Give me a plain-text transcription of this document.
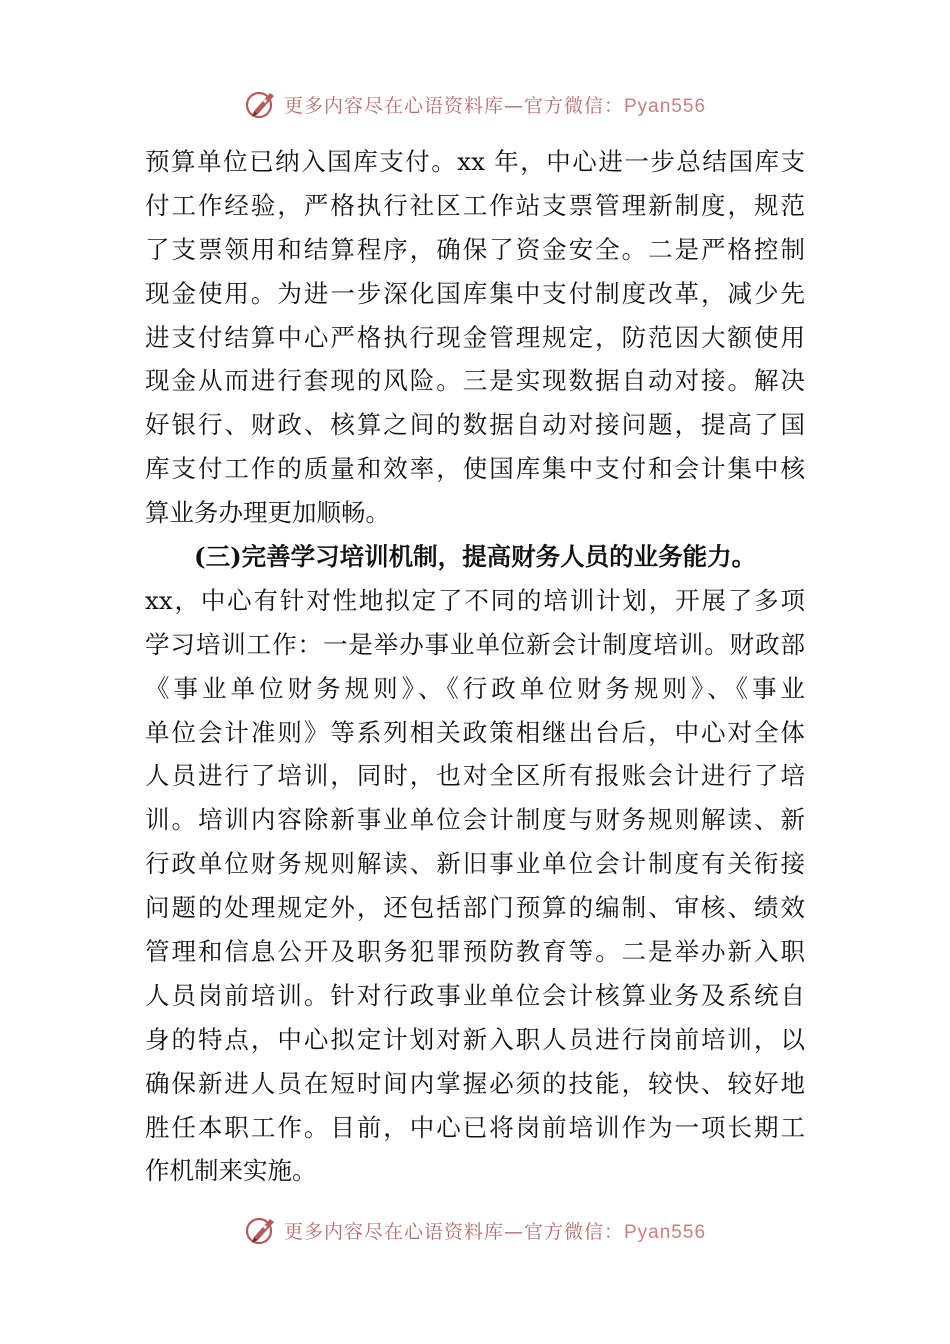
更多内容尽在心语资料库—官方微信：Pyan556
预算单位已纳入国库支付。xx 年，中心进一步总结国库支
付工作经验，严格执行社区工作站支票管理新制度，规范
了支票领用和结算程序，确保了资金安全。二是严格控制
现金使用。为进一步深化国库集中支付制度改革，减少先
进支付结算中心严格执行现金管理规定，防范因大额使用
现金从而进行套现的风险。三是实现数据自动对接。解决
好银行、财政、核算之间的数据自动对接问题，提高了国
库支付工作的质量和效率，使国库集中支付和会计集中核
算业务办理更加顺畅。
(三)完善学习培训机制，提高财务人员的业务能力。
xx，中心有针对性地拟定了不同的培训计划，开展了多项
学习培训工作：一是举办事业单位新会计制度培训。财政部
《事业单位财务规则》、《行政单位财务规则》、《事业
单位会计准则》等系列相关政策相继出台后，中心对全体
人员进行了培训，同时，也对全区所有报账会计进行了培
训。培训内容除新事业单位会计制度与财务规则解读、新
行政单位财务规则解读、新旧事业单位会计制度有关衔接
问题的处理规定外，还包括部门预算的编制、审核、绩效
管理和信息公开及职务犯罪预防教育等。二是举办新入职
人员岗前培训。针对行政事业单位会计核算业务及系统自
身的特点，中心拟定计划对新入职人员进行岗前培训，以
确保新进人员在短时间内掌握必须的技能，较快、较好地
胜任本职工作。目前，中心已将岗前培训作为一项长期工
作机制来实施。
更多内容尽在心语资料库—官方微信：Pyan556
